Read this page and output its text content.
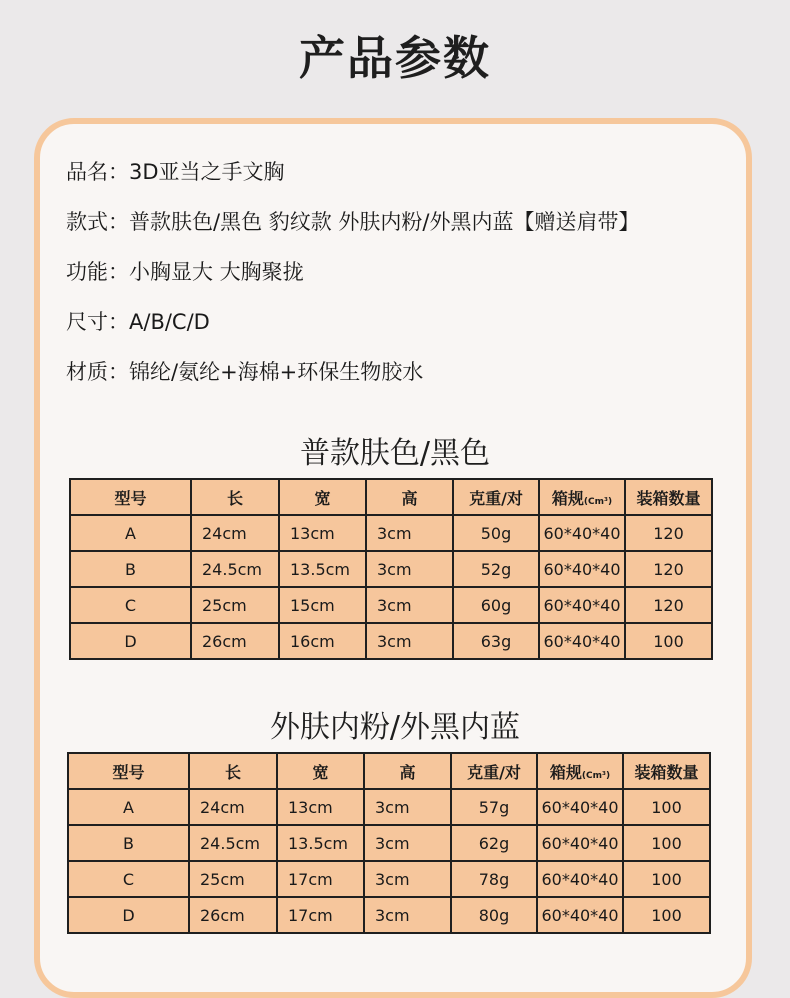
产品参数
品名：3D亚当之手文胸
款式：普款肤色/黑色 豹纹款 外肤内粉/外黑内蓝【赠送肩带】
功能：小胸显大 大胸聚拢
尺寸：A/B/C/D
材质：锦纶/氨纶+海棉+环保生物胶水
普款肤色/黑色
型号	长	宽	高	克重/对	箱规(Cm³)	装箱数量
A	24cm	13cm	3cm	50g	60*40*40	120
B	24.5cm	13.5cm	3cm	52g	60*40*40	120
C	25cm	15cm	3cm	60g	60*40*40	120
D	26cm	16cm	3cm	63g	60*40*40	100
外肤内粉/外黑内蓝
型号	长	宽	高	克重/对	箱规(Cm³)	装箱数量
A	24cm	13cm	3cm	57g	60*40*40	100
B	24.5cm	13.5cm	3cm	62g	60*40*40	100
C	25cm	17cm	3cm	78g	60*40*40	100
D	26cm	17cm	3cm	80g	60*40*40	100
